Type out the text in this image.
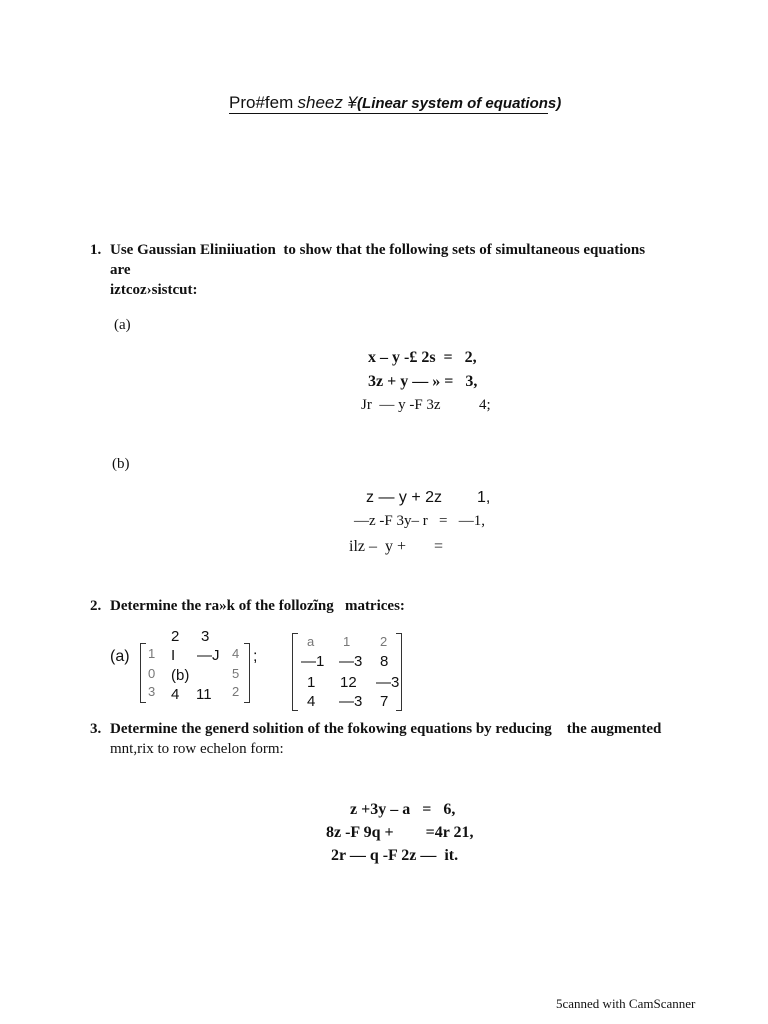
Pro#fem sheez ¥(Linear system of equations)
1. Use Gaussian Eliniiuation  to show that the following sets of simultaneous equations
are
iztcoz›sistcut:
(a)
x – y -£ 2s  =   2,
3z + y — » =   3,
Jr  — y -F 3z	4;
(b)
z — y + 2z 1,
—z -F 3y– r   =   —1,
ilz –  y +       =
2. Determine the ra»k of the follozĩng   matrices:
(a)
2 3
1 I —J 4
0 (b)	5
3 4 11 2
;
a 1 2
—1 —3 8
1 12 —3
4 —3 7
3. Determine the generd solıition of the fokowing equations by reducing    the augmented
mnt,rix to row echelon form:
z +3y – a   =   6,
8z -F 9q +        =4r 21,
2r — q -F 2z —  it.
5canned with CamScanner
